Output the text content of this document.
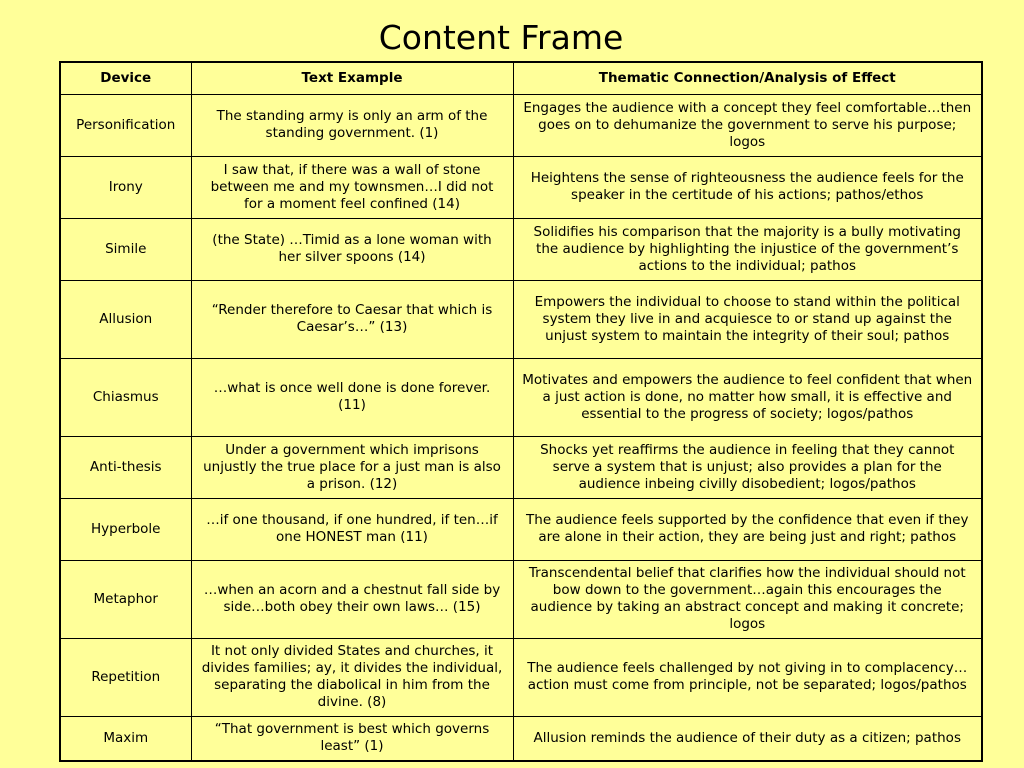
Content Frame
Device	Text Example	Thematic Connection/Analysis of Effect
Personification	The standing army is only an arm of the standing government. (1)	Engages the audience with a concept they feel comfortable…then goes on to dehumanize the government to serve his purpose; logos
Irony	I saw that, if there was a wall of stone between me and my townsmen…I did not for a moment feel confined (14)	Heightens the sense of righteousness the audience feels for the speaker in the certitude of his actions; pathos/ethos
Simile	(the State) …Timid as a lone woman with her silver spoons (14)	Solidifies his comparison that the majority is a bully motivating the audience by highlighting the injustice of the government’s actions to the individual; pathos
Allusion	“Render therefore to Caesar that which is Caesar’s…” (13)	Empowers the individual to choose to stand within the political system they live in and acquiesce to or stand up against the unjust system to maintain the integrity of their soul; pathos
Chiasmus	…what is once well done is done forever. (11)	Motivates and empowers the audience to feel confident that when a just action is done, no matter how small, it is effective and essential to the progress of society; logos/pathos
Anti-thesis	Under a government which imprisons unjustly the true place for a just man is also a prison. (12)	Shocks yet reaffirms the audience in feeling that they cannot serve a system that is unjust; also provides a plan for the audience inbeing civilly disobedient; logos/pathos
Hyperbole	…if one thousand, if one hundred, if ten…if one HONEST man (11)	The audience feels supported by the confidence that even if they are alone in their action, they are being just and right; pathos
Metaphor	…when an acorn and a chestnut fall side by side…both obey their own laws… (15)	Transcendental belief that clarifies how the individual should not bow down to the government…again this encourages the audience by taking an abstract concept and making it concrete; logos
Repetition	It not only divided States and churches, it divides families; ay, it divides the individual, separating the diabolical in him from the divine. (8)	The audience feels challenged by not giving in to complacency…action must come from principle, not be separated; logos/pathos
Maxim	“That government is best which governs least” (1)	Allusion reminds the audience of their duty as a citizen; pathos
